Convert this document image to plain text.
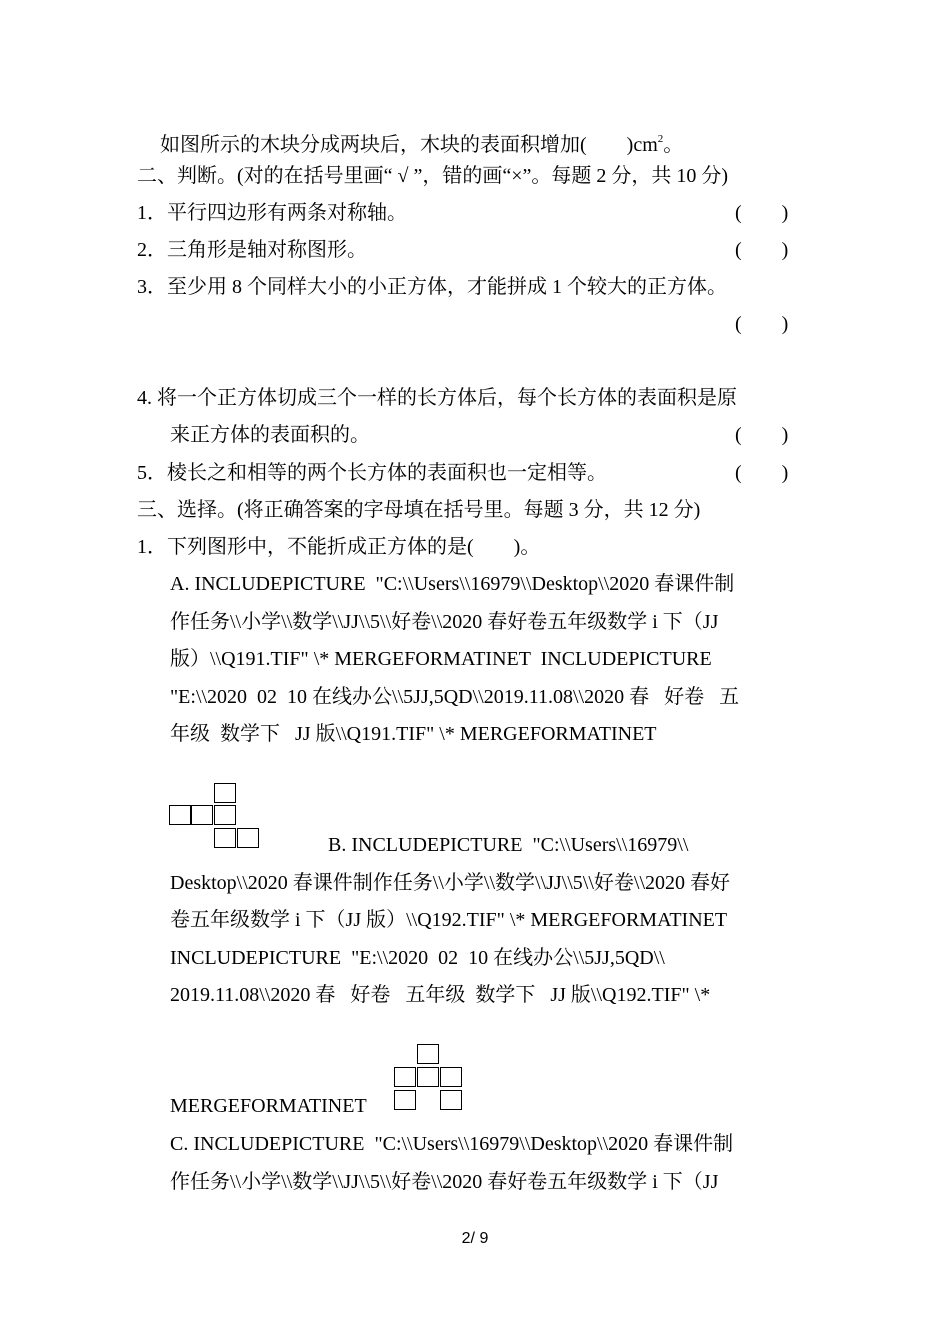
如图所示的木块分成两块后，木块的表面积增加(　　)$cm^2$。
二、判断。(对的在括号里画“ √ ”，错的画“×”。每题 2 分，共 10 分)
1．平行四边形有两条对称轴。	(　　)
2．三角形是轴对称图形。	(　　)
3．至少用 8 个同样大小的小正方体，才能拼成 1 个较大的正方体。
(　　)
4. 将一个正方体切成三个一样的长方体后，每个长方体的表面积是原
来正方体的表面积的。	(　　)
5．棱长之和相等的两个长方体的表面积也一定相等。	(　　)
三、选择。(将正确答案的字母填在括号里。每题 3 分，共 12 分)
1．下列图形中，不能折成正方体的是(　　)。
A. INCLUDEPICTURE  "C:\\Users\\16979\\Desktop\\2020 春课件制
作任务\\小学\\数学\\JJ\\5\\好卷\\2020 春好卷五年级数学 i 下（JJ
版）\\Q191.TIF" \* MERGEFORMATINET  INCLUDEPICTURE
"E:\\2020  02  10 在线办公\\5JJ,5QD\\2019.11.08\\2020 春   好卷   五
年级  数学下   JJ 版\\Q191.TIF" \* MERGEFORMATINET
B. INCLUDEPICTURE  "C:\\Users\\16979\\
Desktop\\2020 春课件制作任务\\小学\\数学\\JJ\\5\\好卷\\2020 春好
卷五年级数学 i 下（JJ 版）\\Q192.TIF" \* MERGEFORMATINET
INCLUDEPICTURE  "E:\\2020  02  10 在线办公\\5JJ,5QD\\
2019.11.08\\2020 春   好卷   五年级  数学下   JJ 版\\Q192.TIF" \*
MERGEFORMATINET
C. INCLUDEPICTURE  "C:\\Users\\16979\\Desktop\\2020 春课件制
作任务\\小学\\数学\\JJ\\5\\好卷\\2020 春好卷五年级数学 i 下（JJ
2/ 9
